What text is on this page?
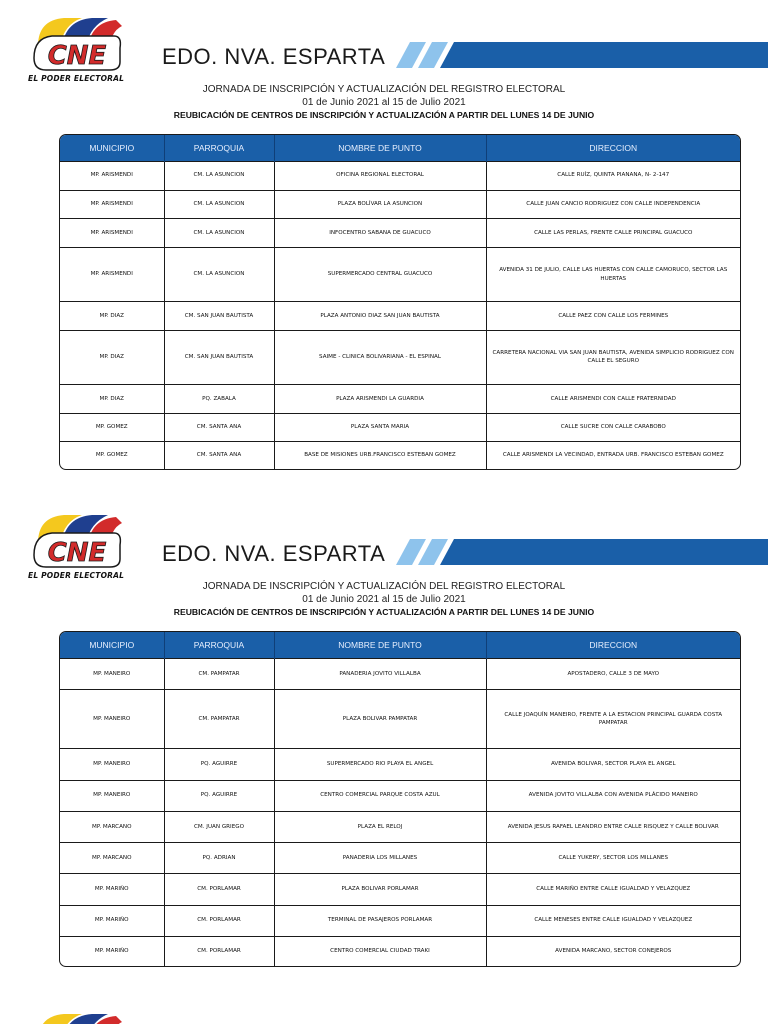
CNE
EL PODER ELECTORAL
EDO. NVA. ESPARTA
JORNADA DE INSCRIPCIÓN Y ACTUALIZACIÓN DEL REGISTRO ELECTORAL
01 de Junio 2021 al 15 de Julio 2021
REUBICACIÓN DE CENTROS DE INSCRIPCIÓN Y ACTUALIZACIÓN A PARTIR DEL LUNES 14 DE JUNIO
MUNICIPIO	PARROQUIA	NOMBRE DE PUNTO	DIRECCION
MP. ARISMENDI	CM. LA ASUNCION	OFICINA REGIONAL ELECTORAL	CALLE RUÍZ, QUINTA PIANANA, N- 2-147
MP. ARISMENDI	CM. LA ASUNCION	PLAZA BOLÍVAR LA ASUNCION	CALLE JUAN CANCIO RODRIGUEZ CON CALLE INDEPENDENCIA
MP. ARISMENDI	CM. LA ASUNCION	INFOCENTRO SABANA DE GUACUCO	CALLE LAS PERLAS, FRENTE CALLE PRINCIPAL GUACUCO
MP. ARISMENDI	CM. LA ASUNCION	SUPERMERCADO CENTRAL GUACUCO	AVENIDA 31 DE JULIO, CALLE LAS HUERTAS CON CALLE CAMORUCO, SECTOR LAS HUERTAS
MP. DIAZ	CM. SAN JUAN BAUTISTA	PLAZA ANTONIO DIAZ SAN JUAN BAUTISTA	CALLE PAEZ CON CALLE LOS FERMINES
MP. DIAZ	CM. SAN JUAN BAUTISTA	SAIME - CLINICA BOLIVARIANA - EL ESPINAL	CARRETERA NACIONAL VIA SAN JUAN BAUTISTA, AVENIDA SIMPLICIO RODRIGUEZ CON CALLE EL SEGURO
MP. DIAZ	PQ. ZABALA	PLAZA ARISMENDI LA GUARDIA	CALLE ARISMENDI CON CALLE FRATERNIDAD
MP. GOMEZ	CM. SANTA ANA	PLAZA SANTA MARIA	CALLE SUCRE CON CALLE CARABOBO
MP. GOMEZ	CM. SANTA ANA	BASE DE MISIONES URB.FRANCISCO ESTEBAN GOMEZ	CALLE ARISMENDI LA VECINDAD, ENTRADA URB. FRANCISCO ESTEBAN GOMEZ
CNE
EL PODER ELECTORAL
EDO. NVA. ESPARTA
JORNADA DE INSCRIPCIÓN Y ACTUALIZACIÓN DEL REGISTRO ELECTORAL
01 de Junio 2021 al 15 de Julio 2021
REUBICACIÓN DE CENTROS DE INSCRIPCIÓN Y ACTUALIZACIÓN A PARTIR DEL LUNES 14 DE JUNIO
MUNICIPIO	PARROQUIA	NOMBRE DE PUNTO	DIRECCION
MP. MANEIRO	CM. PAMPATAR	PANADERIA JOVITO VILLALBA	APOSTADERO, CALLE 3 DE MAYO
MP. MANEIRO	CM. PAMPATAR	PLAZA BOLIVAR PAMPATAR	CALLE JOAQUÍN MANEIRO, FRENTE A LA ESTACION PRINCIPAL GUARDA COSTA PAMPATAR
MP. MANEIRO	PQ. AGUIRRE	SUPERMERCADO RIO PLAYA EL ANGEL	AVENIDA BOLIVAR, SECTOR PLAYA EL ANGEL
MP. MANEIRO	PQ. AGUIRRE	CENTRO COMERCIAL PARQUE COSTA AZUL	AVENIDA JOVITO VILLALBA CON AVENIDA PLÁCIDO MANEIRO
MP. MARCANO	CM. JUAN GRIEGO	PLAZA EL RELOJ	AVENIDA JESUS RAFAEL LEANDRO ENTRE CALLE RISQUEZ Y CALLE BOLIVAR
MP. MARCANO	PQ. ADRIAN	PANADERIA LOS MILLANES	CALLE YUKERY, SECTOR LOS MILLANES
MP. MARIÑO	CM. PORLAMAR	PLAZA BOLIVAR PORLAMAR	CALLE MARIÑO ENTRE CALLE IGUALDAD Y VELAZQUEZ
MP. MARIÑO	CM. PORLAMAR	TERMINAL DE PASAJEROS PORLAMAR	CALLE MENESES ENTRE CALLE IGUALDAD Y VELAZQUEZ
MP. MARIÑO	CM. PORLAMAR	CENTRO COMERCIAL CIUDAD TRAKI	AVENIDA MARCANO, SECTOR CONEJEROS
